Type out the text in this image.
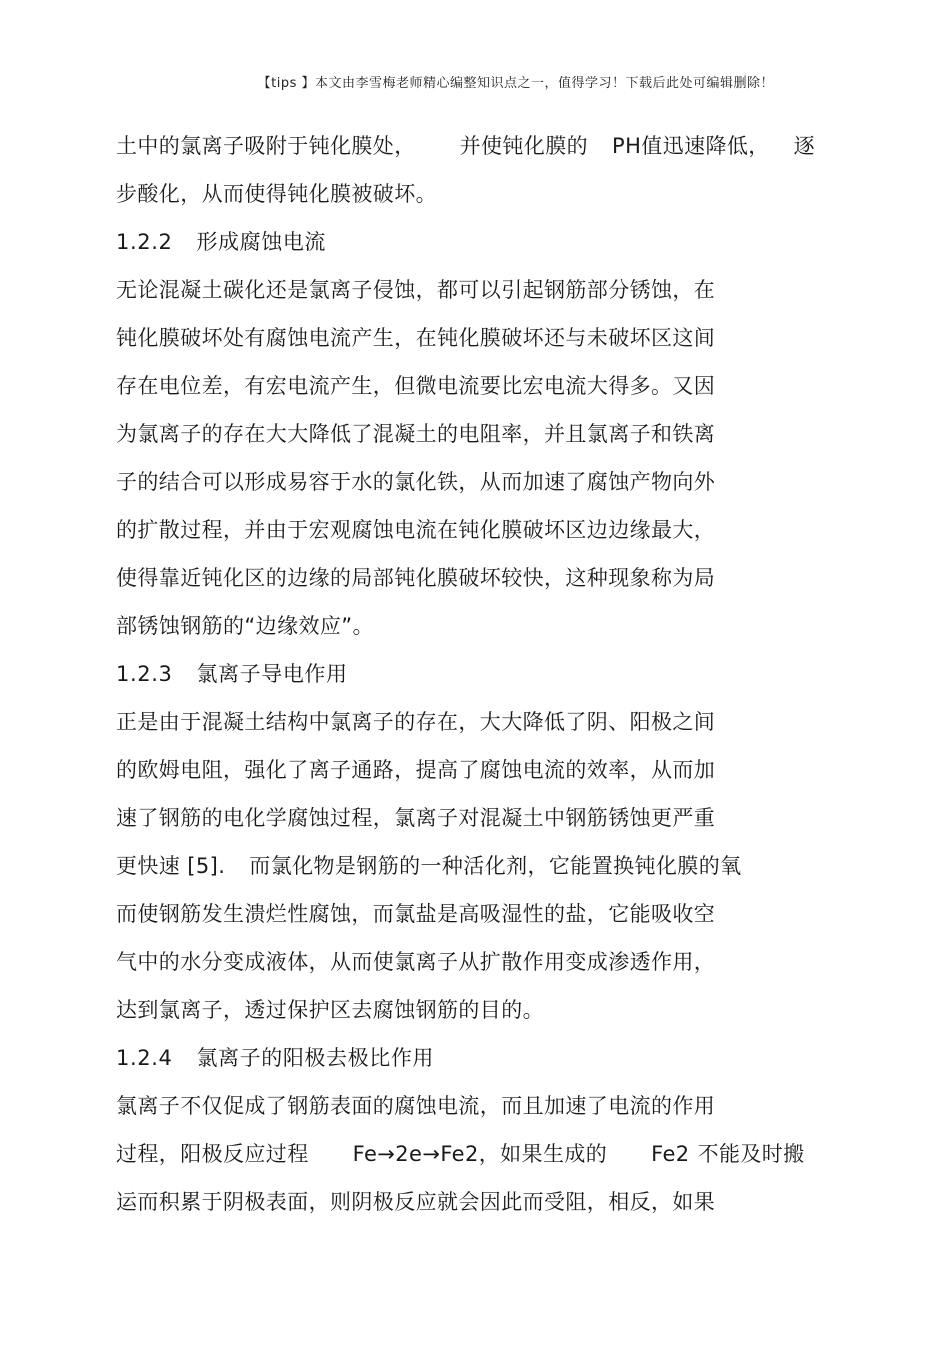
【tips 】本文由李雪梅老师精心编整知识点之一，值得学习！下载后此处可编辑删除！
土中的氯离子吸附于钝化膜处， 并使钝化膜的 PH值迅速降低， 逐
步酸化，从而使得钝化膜被破坏。
1.2.2 形成腐蚀电流
无论混凝土碳化还是氯离子侵蚀，都可以引起钢筋部分锈蚀，在
钝化膜破坏处有腐蚀电流产生，在钝化膜破坏还与未破坏区这间
存在电位差，有宏电流产生，但微电流要比宏电流大得多。又因
为氯离子的存在大大降低了混凝土的电阻率，并且氯离子和铁离
子的结合可以形成易容于水的氯化铁，从而加速了腐蚀产物向外
的扩散过程，并由于宏观腐蚀电流在钝化膜破坏区边边缘最大，
使得靠近钝化区的边缘的局部钝化膜破坏较快，这种现象称为局
部锈蚀钢筋的“边缘效应”。
1.2.3 氯离子导电作用
正是由于混凝土结构中氯离子的存在，大大降低了阴、阳极之间
的欧姆电阻，强化了离子通路，提高了腐蚀电流的效率，从而加
速了钢筋的电化学腐蚀过程，氯离子对混凝土中钢筋锈蚀更严重
更快速 [5]. 而氯化物是钢筋的一种活化剂，它能置换钝化膜的氧
而使钢筋发生溃烂性腐蚀，而氯盐是高吸湿性的盐，它能吸收空
气中的水分变成液体，从而使氯离子从扩散作用变成渗透作用，
达到氯离子，透过保护区去腐蚀钢筋的目的。
1.2.4 氯离子的阳极去极比作用
氯离子不仅促成了钢筋表面的腐蚀电流，而且加速了电流的作用
过程，阳极反应过程 Fe→2e→Fe2，如果生成的 Fe2 不能及时搬
运而积累于阴极表面，则阴极反应就会因此而受阻，相反，如果
